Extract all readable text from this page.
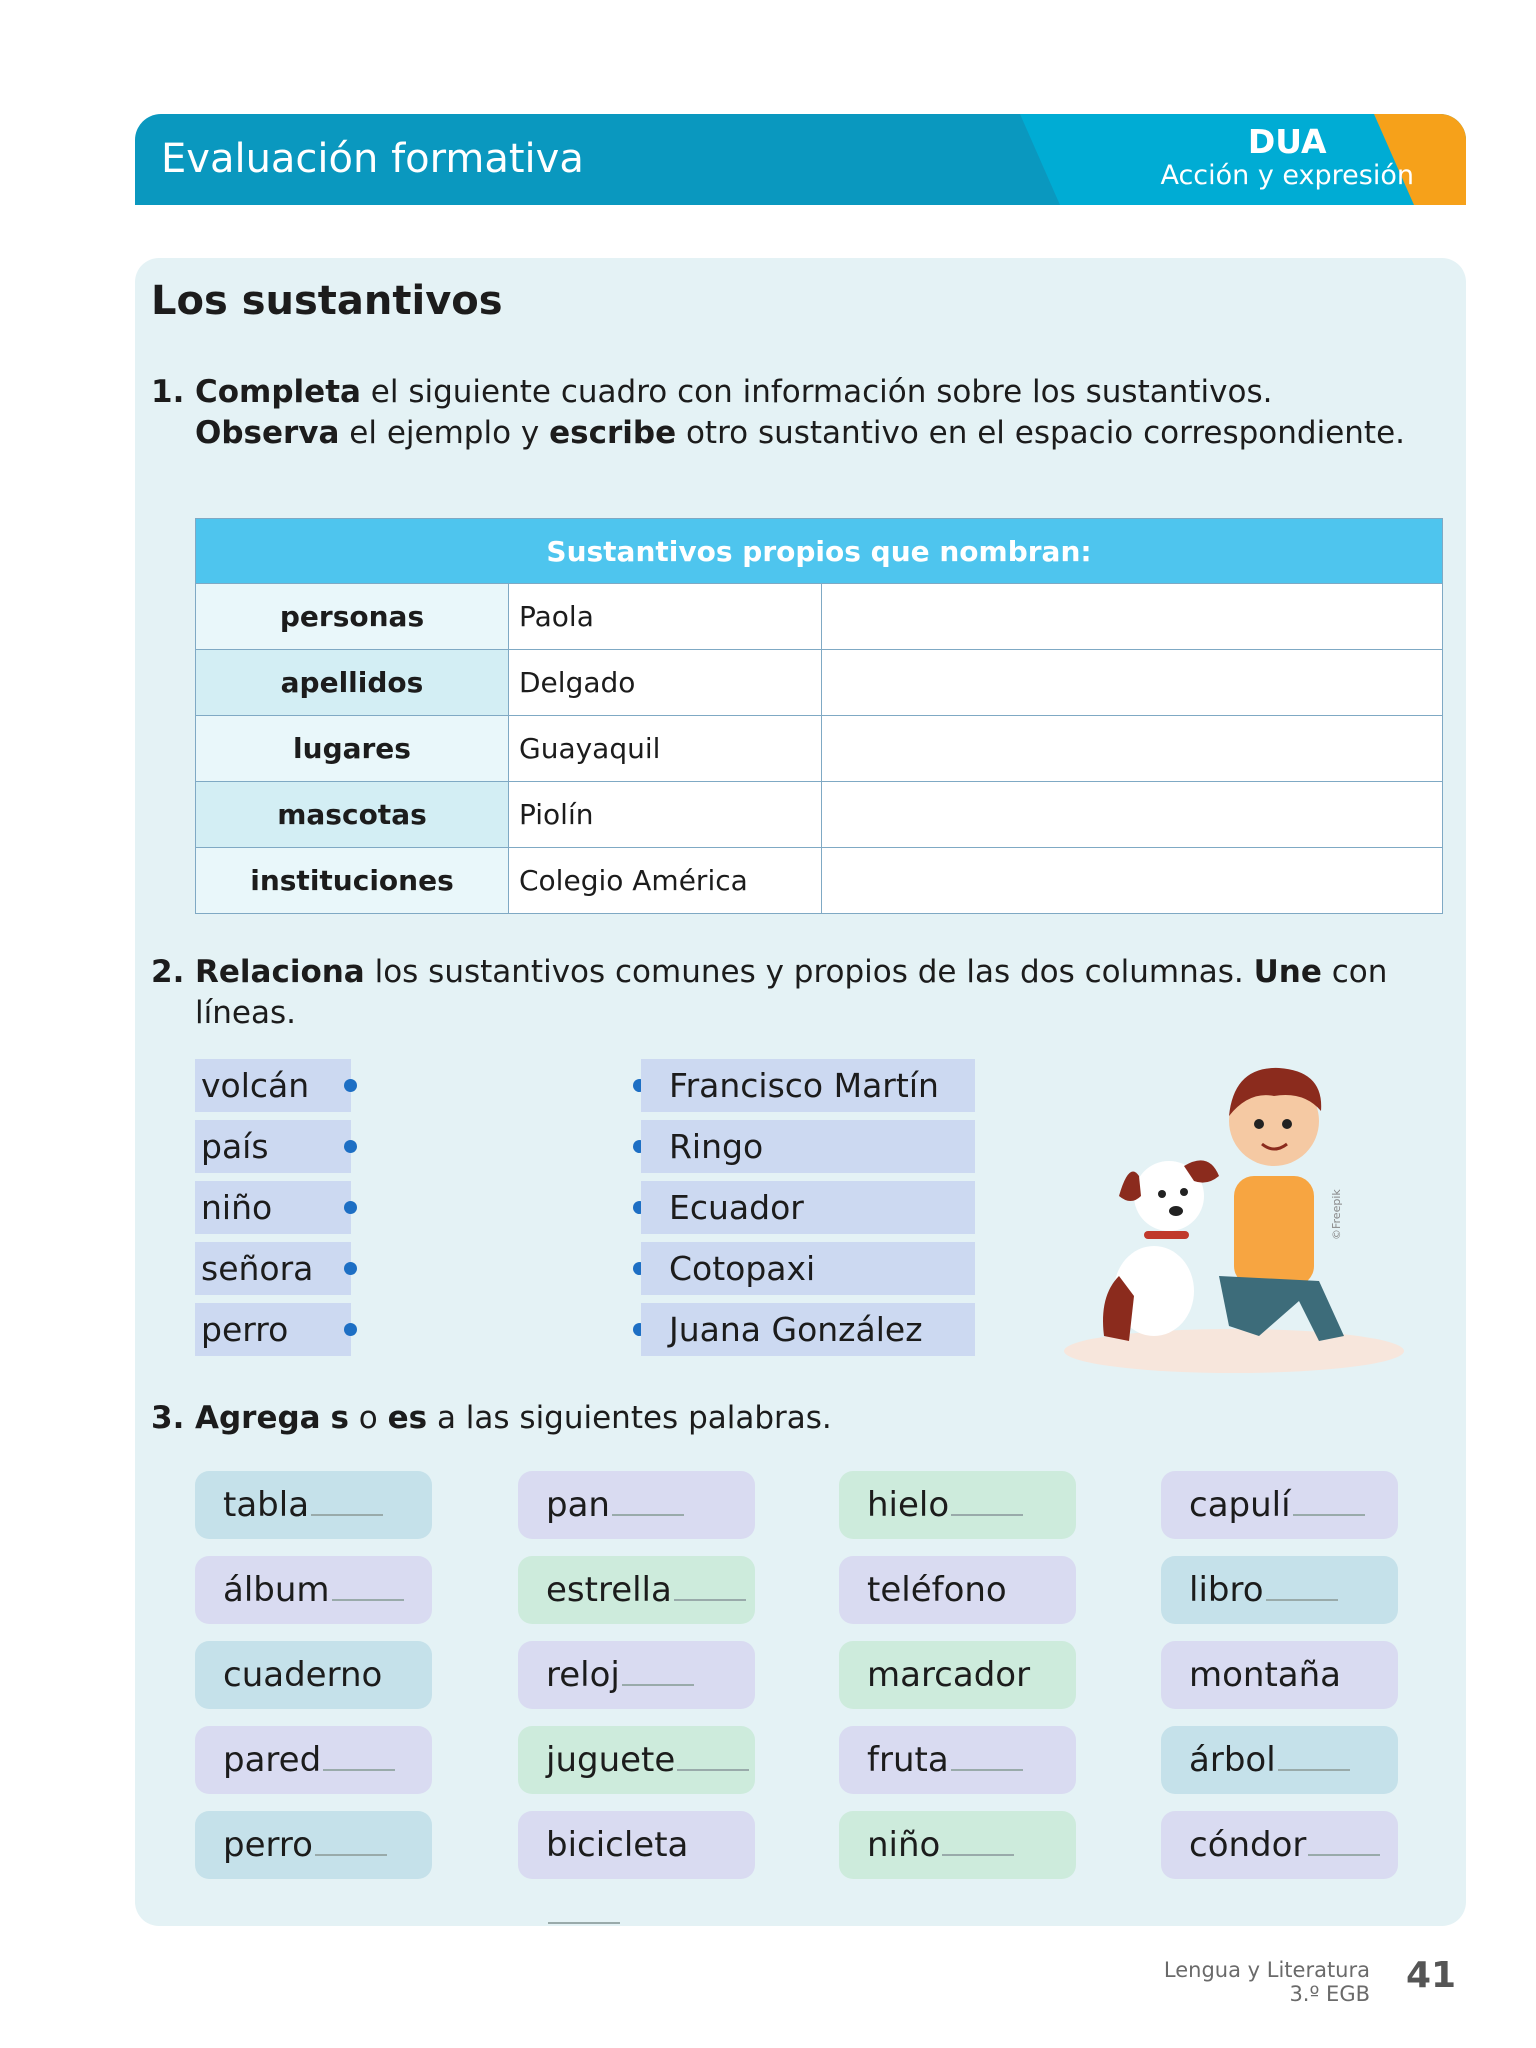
Evaluación formativa	DUA
Acción y expresión
Los sustantivos
1. Completa el siguiente cuadro con información sobre los sustantivos. Observa el ejemplo y escribe otro sustantivo en el espacio correspondiente.
Sustantivos propios que nombran:		
personas	Paola	
apellidos	Delgado	
lugares	Guayaquil	
mascotas	Piolín	
instituciones	Colegio América	
2. Relaciona los sustantivos comunes y propios de las dos columnas. Une con líneas.
volcán	Francisco Martín
país	Ringo
niño	Ecuador
señora	Cotopaxi
perro	Juana González
©Freepik
3. Agrega s o es a las siguientes palabras.
tabla	pan	hielo	capulí
álbum	estrella	teléfono	libro
cuaderno	reloj	marcador	montaña
pared	juguete	fruta	árbol
perro	bicicleta	niño	cóndor
Lengua y Literatura
3.º EGB 41
